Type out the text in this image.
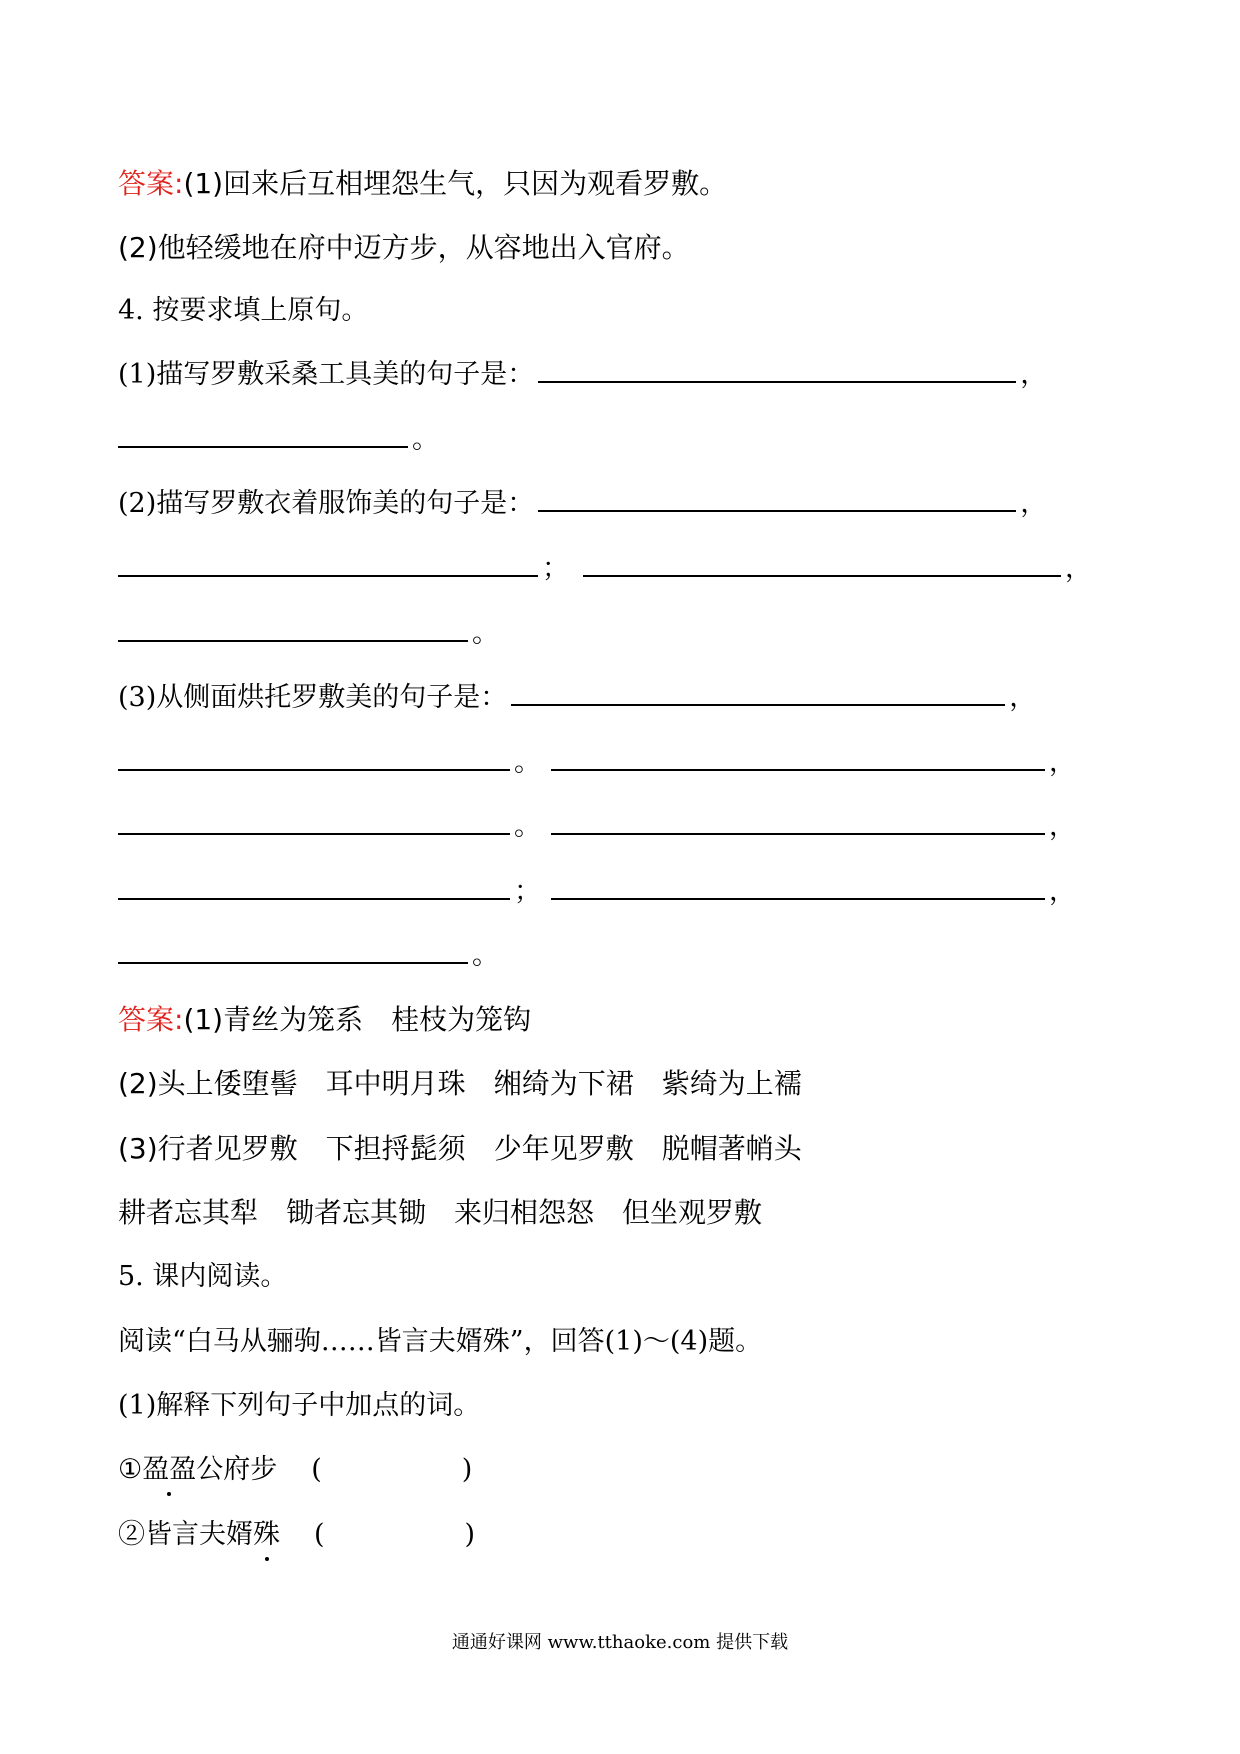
答案:(1)回来后互相埋怨生气，只因为观看罗敷。
(2)他轻缓地在府中迈方步，从容地出入官府。
4. 按要求填上原句。
(1)描写罗敷采桑工具美的句子是：	，
。
(2)描写罗敷衣着服饰美的句子是：	，
；	，
。
(3)从侧面烘托罗敷美的句子是：	，
。	，
。	，
；	，
。
答案:(1)青丝为笼系 桂枝为笼钩
(2)头上倭堕髻 耳中明月珠 缃绮为下裙 紫绮为上襦
(3)行者见罗敷 下担捋髭须 少年见罗敷 脱帽著帩头
耕者忘其犁 锄者忘其锄 来归相怨怒 但坐观罗敷
5. 课内阅读。
阅读“白马从骊驹……皆言夫婿殊”，回答(1)～(4)题。
(1)解释下列句子中加点的词。
①盈盈公府步 (	)
②皆言夫婿殊 (	)
通通好课网 www.tthaoke.com 提供下载
